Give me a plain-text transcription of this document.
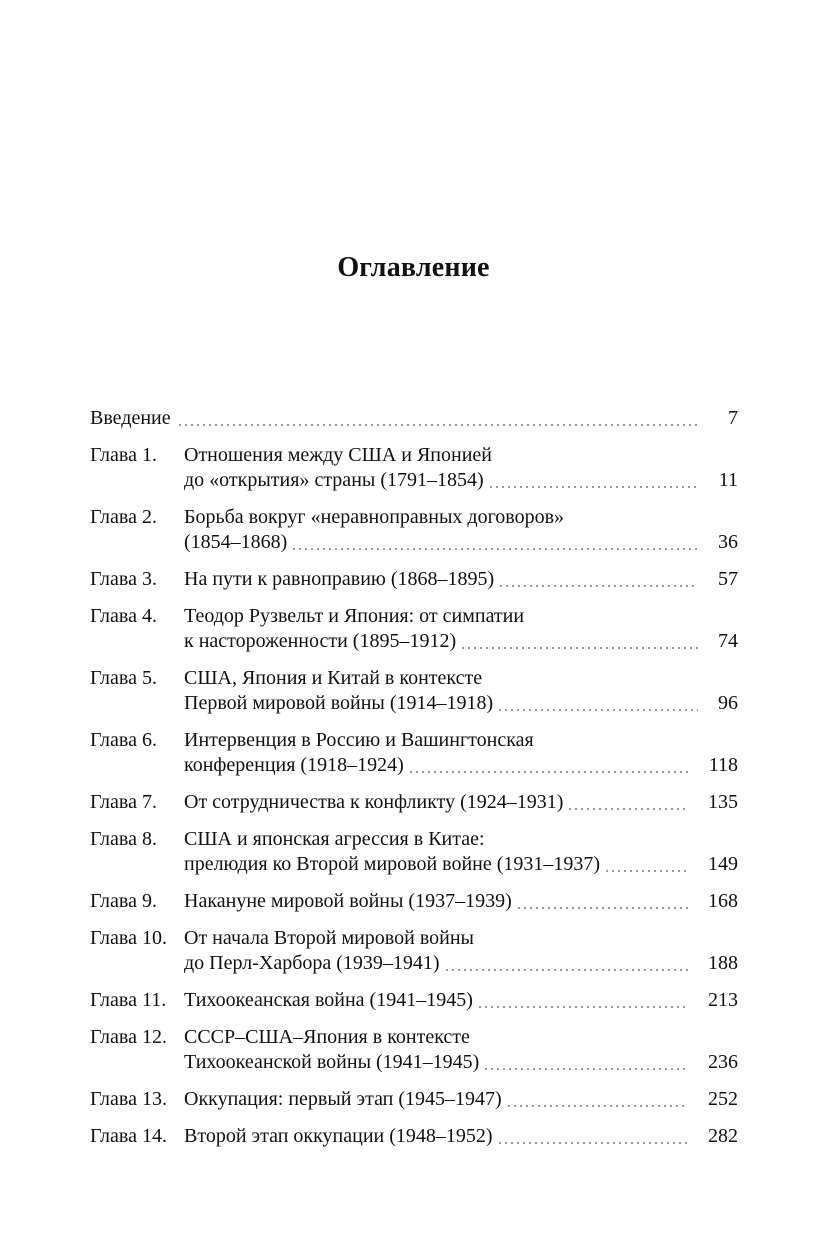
Оглавление
Введение	7
Глава 1. Отношения между США и Японией
до «открытия» страны (1791–1854)	11
Глава 2. Борьба вокруг «неравноправных договоров»
(1854–1868)	36
Глава 3. На пути к равноправию (1868–1895)	57
Глава 4. Теодор Рузвельт и Япония: от симпатии
к настороженности (1895–1912)	74
Глава 5. США, Япония и Китай в контексте
Первой мировой войны (1914–1918)	96
Глава 6. Интервенция в Россию и Вашингтонская
конференция (1918–1924)	118
Глава 7. От сотрудничества к конфликту (1924–1931)	135
Глава 8. США и японская агрессия в Китае:
прелюдия ко Второй мировой войне (1931–1937)	149
Глава 9. Накануне мировой войны (1937–1939)	168
Глава 10. От начала Второй мировой войны
до Перл-Харбора (1939–1941)	188
Глава 11. Тихоокеанская война (1941–1945)	213
Глава 12. СССР–США–Япония в контексте
Тихоокеанской войны (1941–1945)	236
Глава 13. Оккупация: первый этап (1945–1947)	252
Глава 14. Второй этап оккупации (1948–1952)	282
